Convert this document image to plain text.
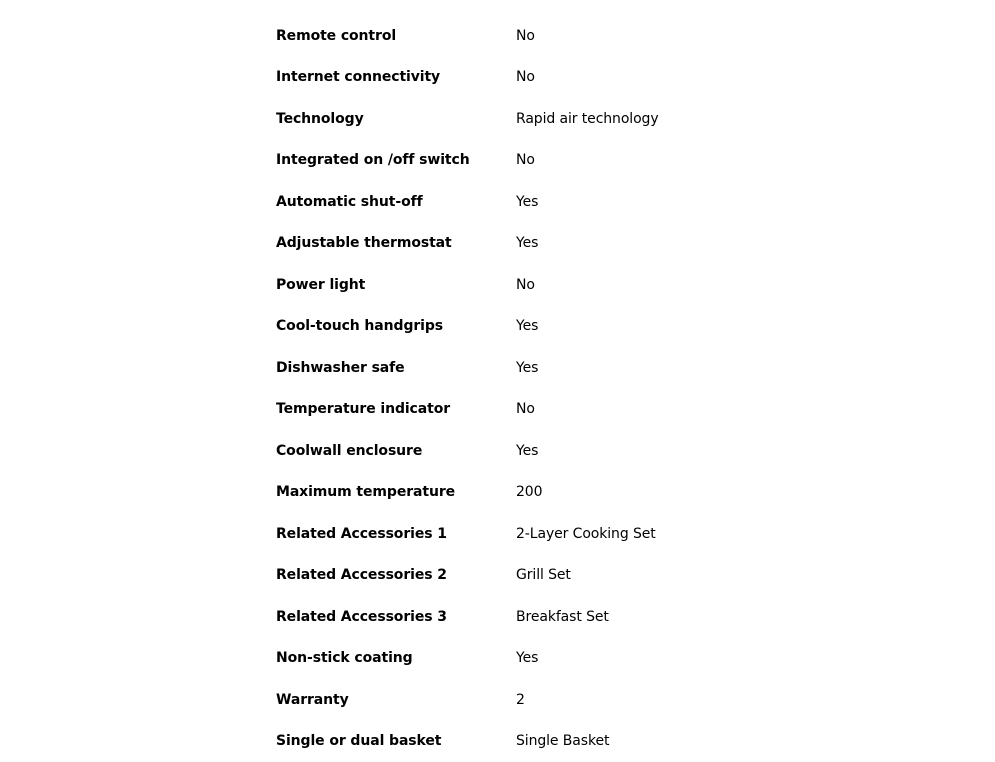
Remote control	No
Internet connectivity	No
Technology	Rapid air technology
Integrated on /off switch	No
Automatic shut-off	Yes
Adjustable thermostat	Yes
Power light	No
Cool-touch handgrips	Yes
Dishwasher safe	Yes
Temperature indicator	No
Coolwall enclosure	Yes
Maximum temperature	200
Related Accessories 1	2-Layer Cooking Set
Related Accessories 2	Grill Set
Related Accessories 3	Breakfast Set
Non-stick coating	Yes
Warranty	2
Single or dual basket	Single Basket
